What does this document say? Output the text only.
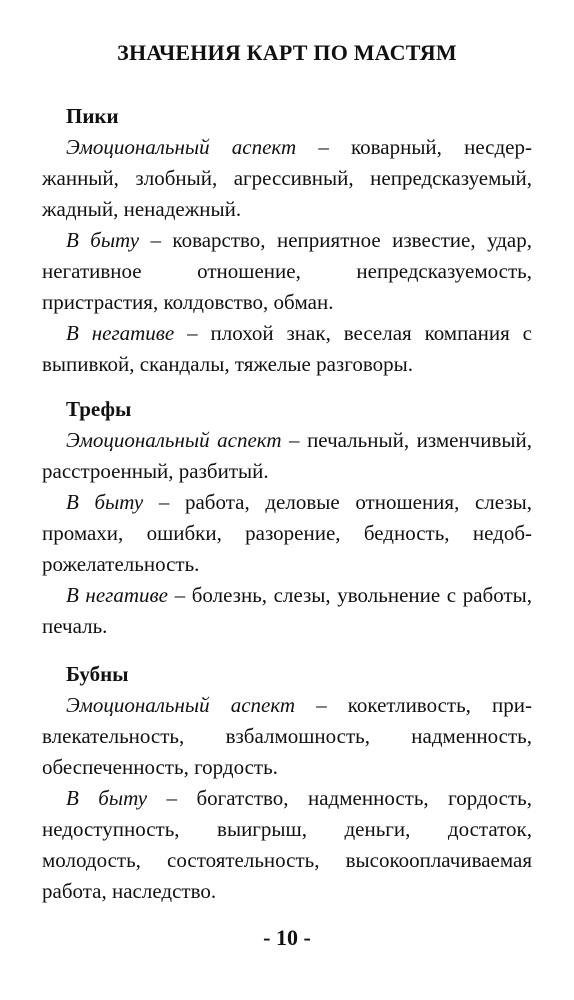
ЗНАЧЕНИЯ КАРТ ПО МАСТЯМ
Пики

Эмоциональный аспект – коварный, несдержанный, злобный, агрессивный, непредсказуемый, жадный, ненадежный.

В быту – коварство, неприятное известие, удар, негативное отношение, непредсказуемость, пристрастия, колдовство, обман.

В негативе – плохой знак, веселая компания с выпивкой, скандалы, тяжелые разговоры.

Трефы

Эмоциональный аспект – печальный, изменчивый, расстроенный, разбитый.

В быту – работа, деловые отношения, слезы, промахи, ошибки, разорение, бедность, недоброжелательность.

В негативе – болезнь, слезы, увольнение с работы, печаль.

Бубны

Эмоциональный аспект – кокетливость, привлекательность, взбалмошность, надменность, обеспеченность, гордость.

В быту – богатство, надменность, гордость, недоступность, выигрыш, деньги, достаток, молодость, состоятельность, высокооплачиваемая работа, наследство.

- 10 -
